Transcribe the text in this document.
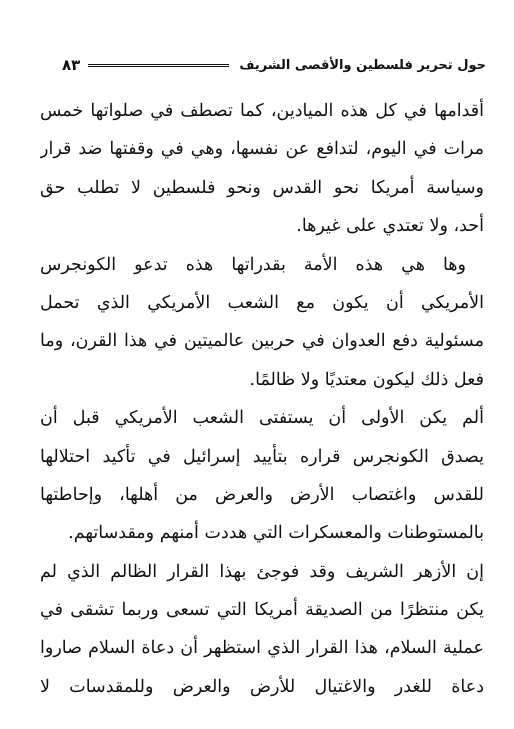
حول تحرير فلسطين والأقصى الشريف
٨٣
أقدامها في كل هذه الميادين، كما تصطف في صلواتها خمس
مرات في اليوم، لتدافع عن نفسها، وهي في وقفتها ضد قرار
وسياسة أمريكا نحو القدس ونحو فلسطين لا تطلب حق
أحد، ولا تعتدي على غيرها.
وها هي هذه الأمة بقدراتها هذه تدعو الكونجرس
الأمريكي أن يكون مع الشعب الأمريكي الذي تحمل
مسئولية دفع العدوان في حربين عالميتين في هذا القرن، وما
فعل ذلك ليكون معتديًا ولا ظالمًا.
ألم يكن الأولى أن يستفتى الشعب الأمريكي قبل أن
يصدق الكونجرس قراره بتأييد إسرائيل في تأكيد احتلالها
للقدس واغتصاب الأرض والعرض من أهلها، وإحاطتها
بالمستوطنات والمعسكرات التي هددت أمنهم ومقدساتهم.
إن الأزهر الشريف وقد فوجئ بهذا القرار الظالم الذي لم
يكن منتظرًا من الصديقة أمريكا التي تسعى وربما تشقى في
عملية السلام، هذا القرار الذي استظهر أن دعاة السلام صاروا
دعاة للغدر والاغتيال للأرض والعرض وللمقدسات لا
